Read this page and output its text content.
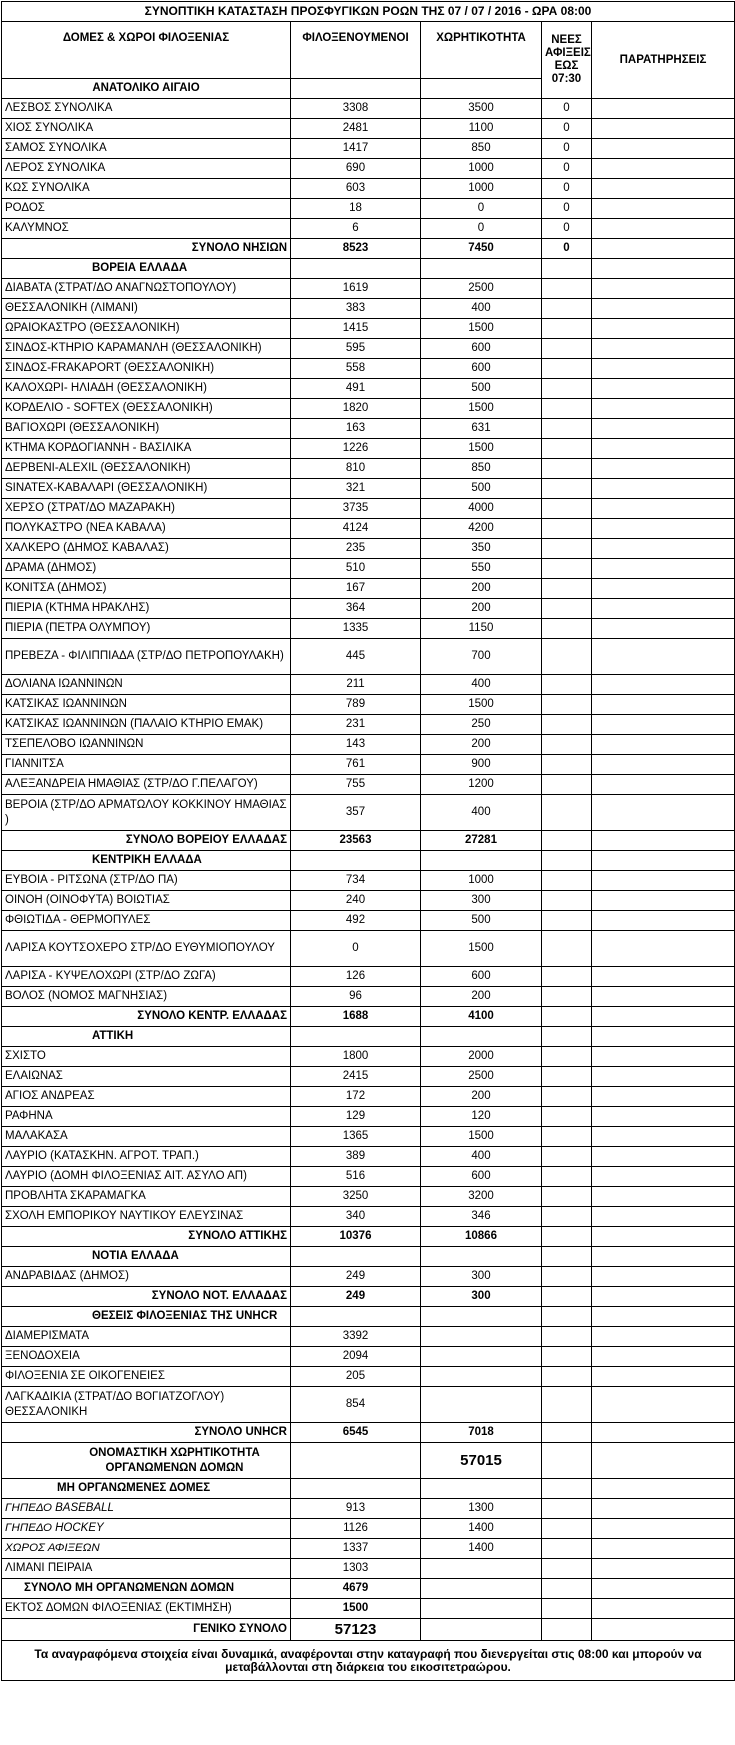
ΣΥΝΟΠΤΙΚΗ ΚΑΤΑΣΤΑΣΗ ΠΡΟΣΦΥΓΙΚΩΝ ΡΟΩΝ ΤΗΣ 07 / 07 / 2016 - ΩΡΑ 08:00				
ΔΟΜΕΣ & ΧΩΡΟΙ ΦΙΛΟΞΕΝΙΑΣ	ΦΙΛΟΞΕΝΟΥΜΕΝΟΙ	ΧΩΡΗΤΙΚΟΤΗΤΑ	ΝΕΕΣ
ΑΦΙΞΕΙΣ
ΕΩΣ
07:30	ΠΑΡΑΤΗΡΗΣΕΙΣ

ΑΝΑΤΟΛΙΚΟ ΑΙΓΑΙΟ				
ΛΕΣΒΟΣ ΣΥΝΟΛΙΚΑ	3308	3500	0	
ΧΙΟΣ ΣΥΝΟΛΙΚΑ	2481	1100	0	
ΣΑΜΟΣ ΣΥΝΟΛΙΚΑ	1417	850	0	
ΛΕΡΟΣ ΣΥΝΟΛΙΚΑ	690	1000	0	
ΚΩΣ ΣΥΝΟΛΙΚΑ	603	1000	0	
ΡΟΔΟΣ	18	0	0	
ΚΑΛΥΜΝΟΣ	6	0	0	
ΣΥΝΟΛΟ ΝΗΣΙΩΝ	8523	7450	0	
ΒΟΡΕΙΑ ΕΛΛΑΔΑ				
ΔΙΑΒΑΤΑ (ΣΤΡΑΤ/ΔΟ ΑΝΑΓΝΩΣΤΟΠΟΥΛΟΥ)	1619	2500		
ΘΕΣΣΑΛΟΝΙΚΗ (ΛΙΜΑΝΙ)	383	400		
ΩΡΑΙΟΚΑΣΤΡΟ (ΘΕΣΣΑΛΟΝΙΚΗ)	1415	1500		
ΣΙΝΔΟΣ-ΚΤΗΡΙΟ ΚΑΡΑΜΑΝΛΗ (ΘΕΣΣΑΛΟΝΙΚΗ)	595	600		
ΣΙΝΔΟΣ-FRAKAPORT (ΘΕΣΣΑΛΟΝΙΚΗ)	558	600		
ΚΑΛΟΧΩΡΙ- ΗΛΙΑΔΗ (ΘΕΣΣΑΛΟΝΙΚΗ)	491	500		
ΚΟΡΔΕΛΙΟ - SOFTEX (ΘΕΣΣΑΛΟΝΙΚΗ)	1820	1500		
ΒΑΓΙΟΧΩΡΙ (ΘΕΣΣΑΛΟΝΙΚΗ)	163	631		
ΚΤΗΜΑ ΚΟΡΔΟΓΙΑΝΝΗ - ΒΑΣΙΛΙΚΑ	1226	1500		
ΔΕΡΒΕΝΙ-ALEXIL (ΘΕΣΣΑΛΟΝΙΚΗ)	810	850		
SINATEX-ΚΑΒΑΛΑΡΙ (ΘΕΣΣΑΛΟΝΙΚΗ)	321	500		
ΧΕΡΣΟ (ΣΤΡΑΤ/ΔΟ ΜΑΖΑΡΑΚΗ)	3735	4000		
ΠΟΛΥΚΑΣΤΡΟ (ΝΕΑ ΚΑΒΑΛΑ)	4124	4200		
ΧΑΛΚΕΡΟ (ΔΗΜΟΣ ΚΑΒΑΛΑΣ)	235	350		
ΔΡΑΜΑ (ΔΗΜΟΣ)	510	550		
ΚΟΝΙΤΣΑ (ΔΗΜΟΣ)	167	200		
ΠΙΕΡΙΑ (ΚΤΗΜΑ ΗΡΑΚΛΗΣ)	364	200		
ΠΙΕΡΙΑ (ΠΕΤΡΑ ΟΛΥΜΠΟΥ)	1335	1150		
ΠΡΕΒΕΖΑ - ΦΙΛΙΠΠΙΑΔΑ (ΣΤΡ/ΔΟ ΠΕΤΡΟΠΟΥΛΑΚΗ)	445	700		
ΔΟΛΙΑΝΑ ΙΩΑΝΝΙΝΩΝ	211	400		
ΚΑΤΣΙΚΑΣ ΙΩΑΝΝΙΝΩΝ	789	1500		
ΚΑΤΣΙΚΑΣ ΙΩΑΝΝΙΝΩΝ (ΠΑΛΑΙΟ ΚΤΗΡΙΟ ΕΜΑΚ)	231	250		
ΤΣΕΠΕΛΟΒΟ ΙΩΑΝΝΙΝΩΝ	143	200		
ΓΙΑΝΝΙΤΣΑ	761	900		
ΑΛΕΞΑΝΔΡΕΙΑ ΗΜΑΘΙΑΣ (ΣΤΡ/ΔΟ Γ.ΠΕΛΑΓΟΥ)	755	1200		
ΒΕΡΟΙΑ (ΣΤΡ/ΔΟ ΑΡΜΑΤΩΛΟΥ ΚΟΚΚΙΝΟΥ ΗΜΑΘΙΑΣ )	357	400		
ΣΥΝΟΛΟ ΒΟΡΕΙΟΥ ΕΛΛΑΔΑΣ	23563	27281		
ΚΕΝΤΡΙΚΗ ΕΛΛΑΔΑ				
ΕΥΒΟΙΑ - ΡΙΤΣΩΝΑ (ΣΤΡ/ΔΟ ΠΑ)	734	1000		
ΟΙΝΟΗ (ΟΙΝΟΦΥΤΑ) ΒΟΙΩΤΙΑΣ	240	300		
ΦΘΙΩΤΙΔΑ - ΘΕΡΜΟΠΥΛΕΣ	492	500		
ΛΑΡΙΣΑ ΚΟΥΤΣΟΧΕΡΟ ΣΤΡ/ΔΟ ΕΥΘΥΜΙΟΠΟΥΛΟΥ	0	1500		
ΛΑΡΙΣΑ - ΚΥΨΕΛΟΧΩΡΙ (ΣΤΡ/ΔΟ ΖΩΓΑ)	126	600		
ΒΟΛΟΣ (ΝΟΜΟΣ ΜΑΓΝΗΣΙΑΣ)	96	200		
ΣΥΝΟΛΟ ΚΕΝΤΡ. ΕΛΛΑΔΑΣ	1688	4100		
ΑΤΤΙΚΗ				
ΣΧΙΣΤΟ	1800	2000		
ΕΛΑΙΩΝΑΣ	2415	2500		
ΑΓΙΟΣ ΑΝΔΡΕΑΣ	172	200		
ΡΑΦΗΝΑ	129	120		
ΜΑΛΑΚΑΣΑ	1365	1500		
ΛΑΥΡΙΟ (ΚΑΤΑΣΚΗΝ. ΑΓΡΟΤ. ΤΡΑΠ.)	389	400		
ΛΑΥΡΙΟ (ΔΟΜΗ ΦΙΛΟΞΕΝΙΑΣ ΑΙΤ. ΑΣΥΛΟ ΑΠ)	516	600		
ΠΡΟΒΛΗΤΑ ΣΚΑΡΑΜΑΓΚΑ	3250	3200		
ΣΧΟΛΗ ΕΜΠΟΡΙΚΟΥ ΝΑΥΤΙΚΟΥ ΕΛΕΥΣΙΝΑΣ	340	346		
ΣΥΝΟΛΟ ΑΤΤΙΚΗΣ	10376	10866		
ΝΟΤΙΑ ΕΛΛΑΔΑ				
ΑΝΔΡΑΒΙΔΑΣ (ΔΗΜΟΣ)	249	300		
ΣΥΝΟΛΟ ΝΟΤ. ΕΛΛΑΔΑΣ	249	300		
ΘΕΣΕΙΣ ΦΙΛΟΞΕΝΙΑΣ ΤΗΣ UNHCR				
ΔΙΑΜΕΡΙΣΜΑΤΑ	3392			
ΞΕΝΟΔΟΧΕΙΑ	2094			
ΦΙΛΟΞΕΝΙΑ ΣΕ ΟΙΚΟΓΕΝΕΙΕΣ	205			
ΛΑΓΚΑΔΙΚΙΑ (ΣΤΡΑΤ/ΔΟ ΒΟΓΙΑΤΖΟΓΛΟΥ) ΘΕΣΣΑΛΟΝΙΚΗ	854			
ΣΥΝΟΛΟ UNHCR	6545	7018		

ΟΝΟΜΑΣΤΙΚΗ ΧΩΡΗΤΙΚΟΤΗΤΑ
ΟΡΓΑΝΩΜΕΝΩΝ ΔΟΜΩΝ		57015		
ΜΗ ΟΡΓΑΝΩΜΕΝΕΣ ΔΟΜΕΣ				
ΓΗΠΕΔΟ BASEBALL	913	1300		
ΓΗΠΕΔΟ HOCKEY	1126	1400		
ΧΩΡΟΣ ΑΦΙΞΕΩΝ	1337	1400		
ΛΙΜΑΝΙ ΠΕΙΡΑΙΑ	1303			
ΣΥΝΟΛΟ ΜΗ ΟΡΓΑΝΩΜΕΝΩΝ ΔΟΜΩΝ	4679			
ΕΚΤΟΣ ΔΟΜΩΝ ΦΙΛΟΞΕΝΙΑΣ (ΕΚΤΙΜΗΣΗ)	1500			
ΓΕΝΙΚΟ ΣΥΝΟΛΟ	57123			

Τα αναγραφόμενα στοιχεία είναι δυναμικά, αναφέρονται στην καταγραφή που διενεργείται στις 08:00 και μπορούν να
μεταβάλλονται στη διάρκεια του εικοσιτετραώρου.				
